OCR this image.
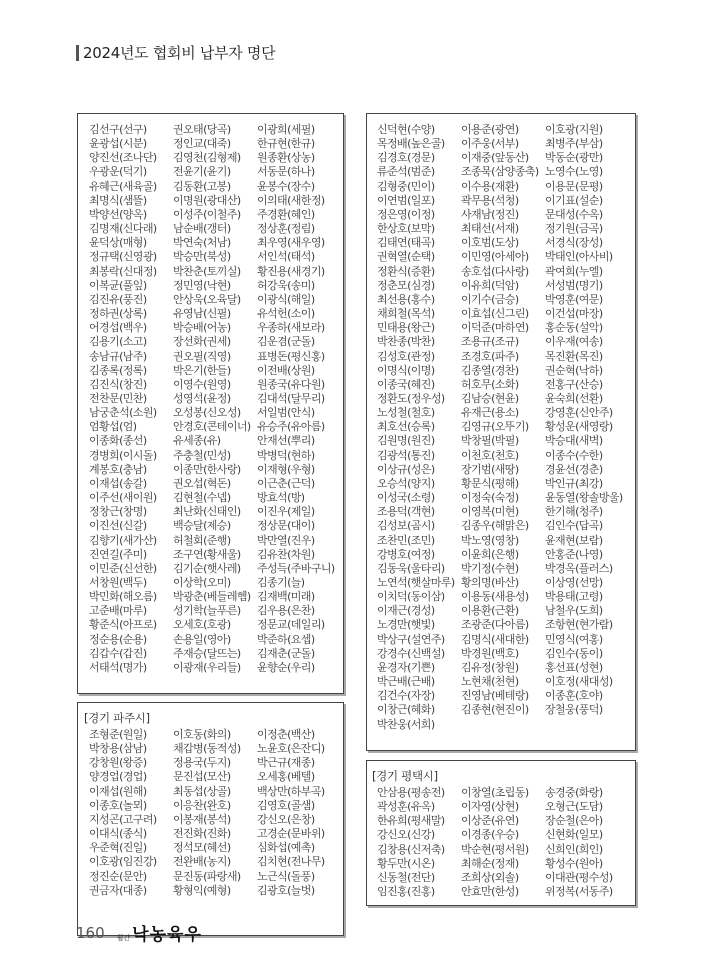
2024년도 협회비 납부자 명단
김선구(선구)	권오태(당곡)	이광희(세필)
윤광섭(시분)	정인교(대죽)	한규현(한규)
양진선(조나단)	김영천(김형제)	원종환(상농)
우광운(덕기)	전윤기(윤기)	서동문(하나)
유혜근(새육골)	김동환(고봉)	윤봉수(장수)
최명식(샘뜰)	이명원(광대산)	이의태(새한정)
박양선(양옥)	이성주(이철주)	주경환(혜인)
김명재(신다래)	남순배(갱터)	정상훈(정림)
윤덕상(매형)	박연숙(처남)	최우영(새우영)
정규택(신영광)	박승만(북성)	서인석(태석)
최봉락(신대정)	박찬춘(토끼실)	황진용(새경기)
이복균(풀잎)	정민영(낙현)	허강욱(송미)
김진유(풍진)	안상욱(오육달)	이광식(해일)
정하권(상록)	유영남(신필)	유석헌(소이)
어경섭(백우)	박승배(어농)	우종하(새보라)
김용기(소고)	장선화(권세)	김운겸(군돌)
송남규(남주)	권오필(직영)	표병돈(평신홍)
김종록(정록)	박은기(한들)	이전배(상원)
김진식(창진)	이영수(원영)	원종국(유다원)
전찬문(민찬)	성영석(윤정)	김대석(달무리)
남궁춘석(소원)	오성봉(신오성)	서일범(안식)
엄황섭(엄)	안경호(콘테이너) 유승주(유아름)
이종화(종선)	유세종(유)	안재선(뿌리)
경병희(이시돌)	주충철(민성)	박병덕(현하)
계봉호(충남)	이종만(한사랑)	이재형(우형)
이재섭(송갈)	권오섭(혁돈)	이근춘(근덕)
이주선(새이원)	김현철(수넵)	방효석(방)
정창근(창명)	최난화(신태인)	이진우(제일)
이진선(신갈)	백승달(제승)	정상문(대이)
김향기(새가산)	허철회(준행)	박만열(진우)
진연길(주미)	조구연(황새울)	김유찬(차원)
이민준(신선한)	김기순(햇사레)	주성득(주바구니)
서창원(백두)	이상학(오미)	김종기(늘)
박민화(해오름)	박광춘(베들레헴) 김재백(미래)
고준배(마루)	성기학(늘푸른)	김우용(은찬)
황준식(아프로)	오세호(호광)	정문교(데일리)
정순용(순용)	손용일(영아)	박준하(요셉)
김갑수(갑진)	주재승(달뜨는)	김재춘(군돌)
서태석(명가)	이광재(우리들)	윤향순(우리)
[경기 파주시]
조형준(원일)	이호동(화의)	이정춘(백산)
박창용(삼남)	채갑병(동적성)	노윤호(은잔디)
강창원(왕증)	정용국(두지)	박근규(재종)
양경업(경업)	문진섭(모산)	오세홍(베텔)
이재섭(원해)	최동섭(상골)	백상만(하부곡)
이종호(놀뫼)	이응찬(완호)	김영호(골샘)
지성곤(고구려)	이봉재(봉석)	강신오(은창)
이대식(종식)	전진화(진화)	고경순(문바위)
우준혁(진일)	정석모(혜선)	심화섭(예촉)
이호광(임진강)	전완배(농지)	김치현(전나무)
정진순(문안)	문진동(파랑새)	노근식(돌풍)
권금자(대종)	황형익(예형)	김광호(늘벗)
신덕현(수양)	이용준(광연)	이호광(지원)
목정배(높은골)	이주웅(서부)	최병주(부삼)
김경호(경문)	이재중(앞동산)	박동순(광만)
류준석(범준)	조종묵(삼양종축) 노영수(노영)
김형중(민이)	이수용(재환)	이용문(문평)
이연범(일포)	곽무용(석청)	이기표(설순)
정은영(이정)	사재남(정진)	문대성(수옥)
한상호(보막)	최태선(서재)	정기원(금곡)
김태연(태곡)	이호범(도상)	서경식(장성)
권혁열(순택)	이민영(아세아)	박태인(아사비)
정환식(증환)	송호섭(다사랑)	곽여희(누엘)
정춘모(심경)	이유희(덕암)	서성범(명기)
최선용(홍수)	이기수(금승)	박영훈(여문)
채희철(목석)	이효섭(신그린)	이건섭(마장)
민태용(왕근)	이덕준(마하연)	홍순동(설악)
박찬종(박찬)	조용규(조규)	이우재(여송)
김성호(관정)	조경호(파주)	목진환(목진)
이명식(이명)	김종열(경찬)	권순혁(낙하)
이종국(혜진)	허호무(소화)	전홍구(산승)
정환도(정우성)	김남승(현윤)	윤숙희(선환)
노성철(철호)	유재근(용소)	강영훈(신안주)
최호선(승록)	김영규(오뚜기)	황성운(새영랑)
김원명(원진)	박창필(박필)	박승대(새벽)
김광석(통진)	이천호(천호)	이종수(수한)
이상규(성은)	장기범(새땅)	경윤선(경춘)
오승석(양지)	황문식(평해)	박인규(최강)
이성국(소령)	이정숙(숙정)	윤동열(왕솔방울)
조용덕(객현)	이영복(미현)	한기해(청주)
김성보(곰시)	김종우(해맑은)	김인수(답곡)
조찬민(조민)	박노영(영창)	윤재현(보람)
강병호(여정)	이윤희(은행)	안홍준(나영)
김동욱(울타리)	박기정(수현)	박경옥(플러스)
노연석(햇살마루) 황의명(바산)	이상영(선망)
이치덕(동이삼)	이용동(새용성)	박용태(고령)
이재근(경성)	이용환(근환)	남철우(도희)
노경만(햇빛)	조광준(다아름)	조항현(현가람)
박상구(설연주)	김명식(새대한)	민영식(여홍)
강경수(신백설)	박경원(백호)	김인수(동이)
윤경자(기쁜)	김유정(창원)	홍선표(성현)
박근배(근배)	노현채(천현)	이호정(새대성)
김건수(자장)	진영남(베테랑)	이종훈(호야)
이창근(혜화)	김종현(현진이)	장철웅(풍덕)
박찬웅(서희)
[경기 평택시]
안삼용(평송전)	이창열(초립동)	송경중(화랑)
곽성훈(유옥)	이자영(상현)	오형근(도담)
한유희(평새말)	이상준(유연)	장순철(은아)
강신오(신강)	이경종(우승)	신현화(일모)
김창용(신저축)	박순현(평서원)	신희인(희인)
황두만(시온)	최해순(정재)	황성수(원아)
신동철(전단)	조희상(외솔)	이대관(평수성)
임진홍(진홍)	안효만(한성)	위정복(서동주)
160 월간 낙농육우
